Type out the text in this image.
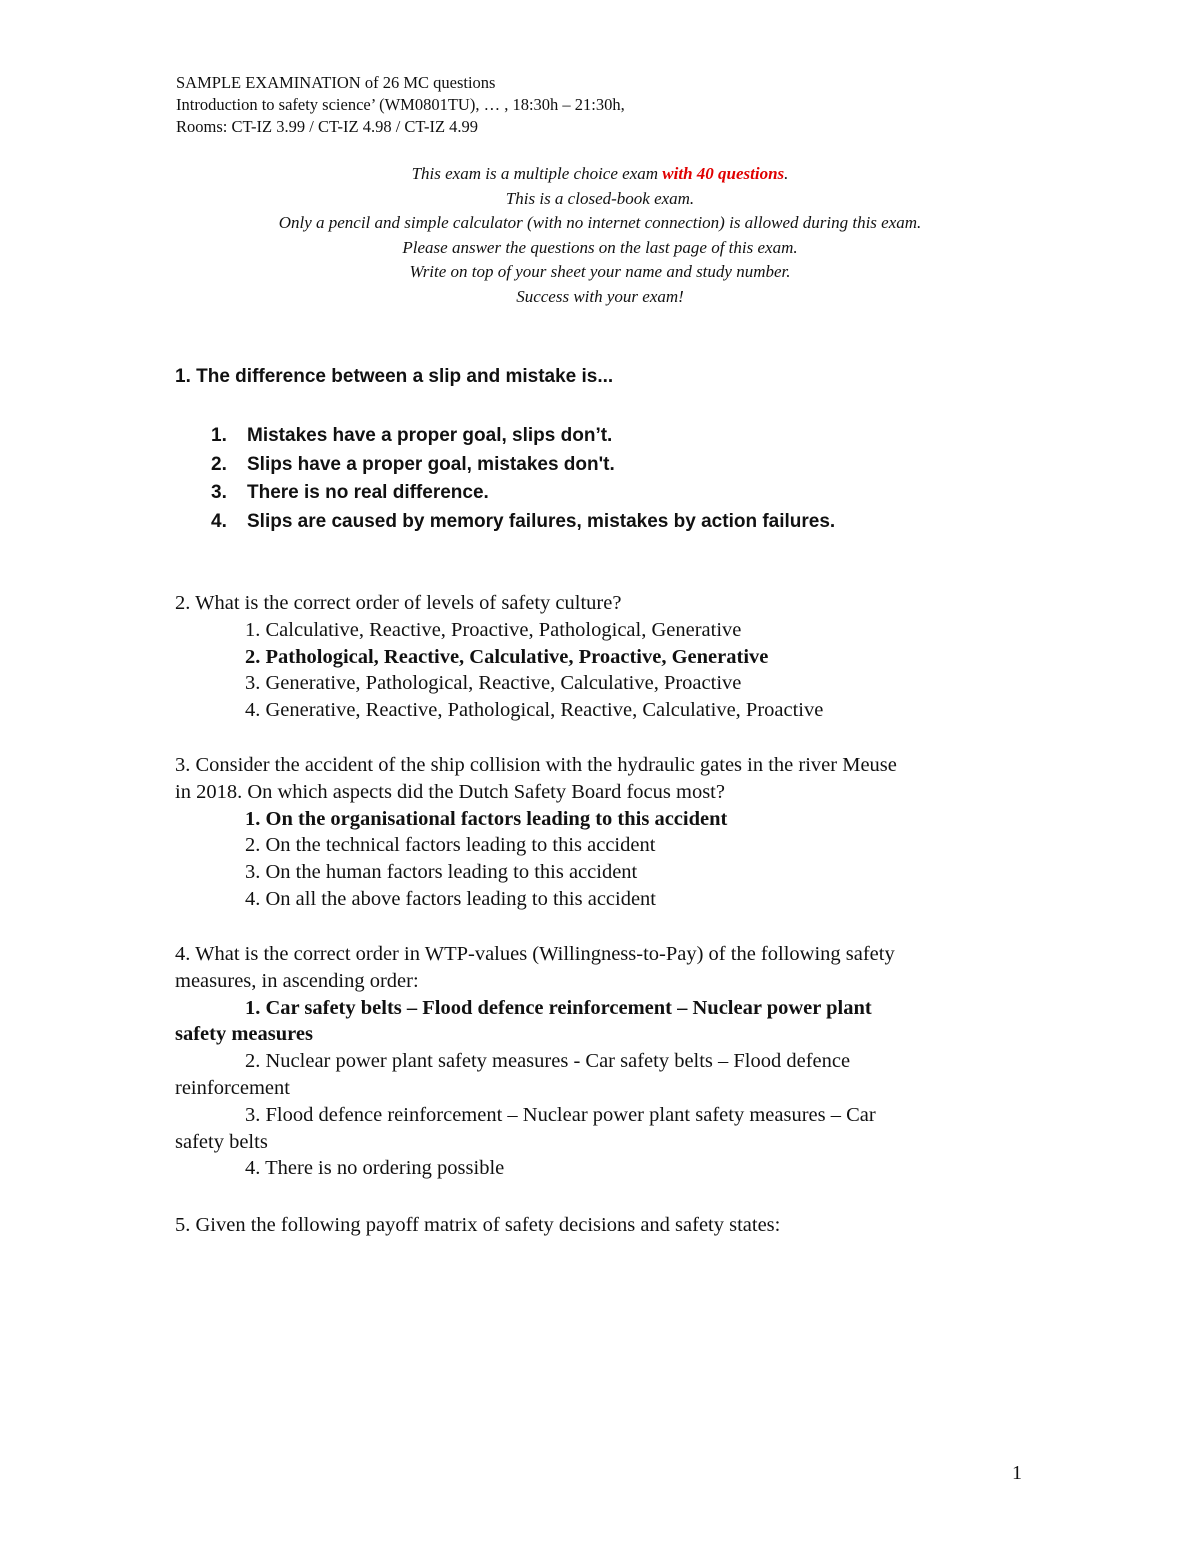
SAMPLE EXAMINATION of 26 MC questions
Introduction to safety science’ (WM0801TU), … , 18:30h – 21:30h,
Rooms: CT-IZ 3.99 / CT-IZ 4.98 / CT-IZ 4.99
This exam is a multiple choice exam with 40 questions.
This is a closed-book exam.
Only a pencil and simple calculator (with no internet connection) is allowed during this exam.
Please answer the questions on the last page of this exam.
Write on top of your sheet your name and study number.
Success with your exam!
1. The difference between a slip and mistake is...
1. Mistakes have a proper goal, slips don’t.
2. Slips have a proper goal, mistakes don't.
3. There is no real difference.
4. Slips are caused by memory failures, mistakes by action failures.
2. What is the correct order of levels of safety culture?
1. Calculative, Reactive, Proactive, Pathological, Generative
2. Pathological, Reactive, Calculative, Proactive, Generative
3. Generative, Pathological, Reactive, Calculative, Proactive
4. Generative, Reactive, Pathological, Reactive, Calculative, Proactive
3. Consider the accident of the ship collision with the hydraulic gates in the river Meuse
in 2018. On which aspects did the Dutch Safety Board focus most?
1. On the organisational factors leading to this accident
2. On the technical factors leading to this accident
3. On the human factors leading to this accident
4. On all the above factors leading to this accident
4. What is the correct order in WTP-values (Willingness-to-Pay) of the following safety
measures, in ascending order:
1. Car safety belts – Flood defence reinforcement – Nuclear power plant
safety measures
2. Nuclear power plant safety measures - Car safety belts – Flood defence
reinforcement
3. Flood defence reinforcement – Nuclear power plant safety measures – Car
safety belts
4. There is no ordering possible
5. Given the following payoff matrix of safety decisions and safety states:
1
